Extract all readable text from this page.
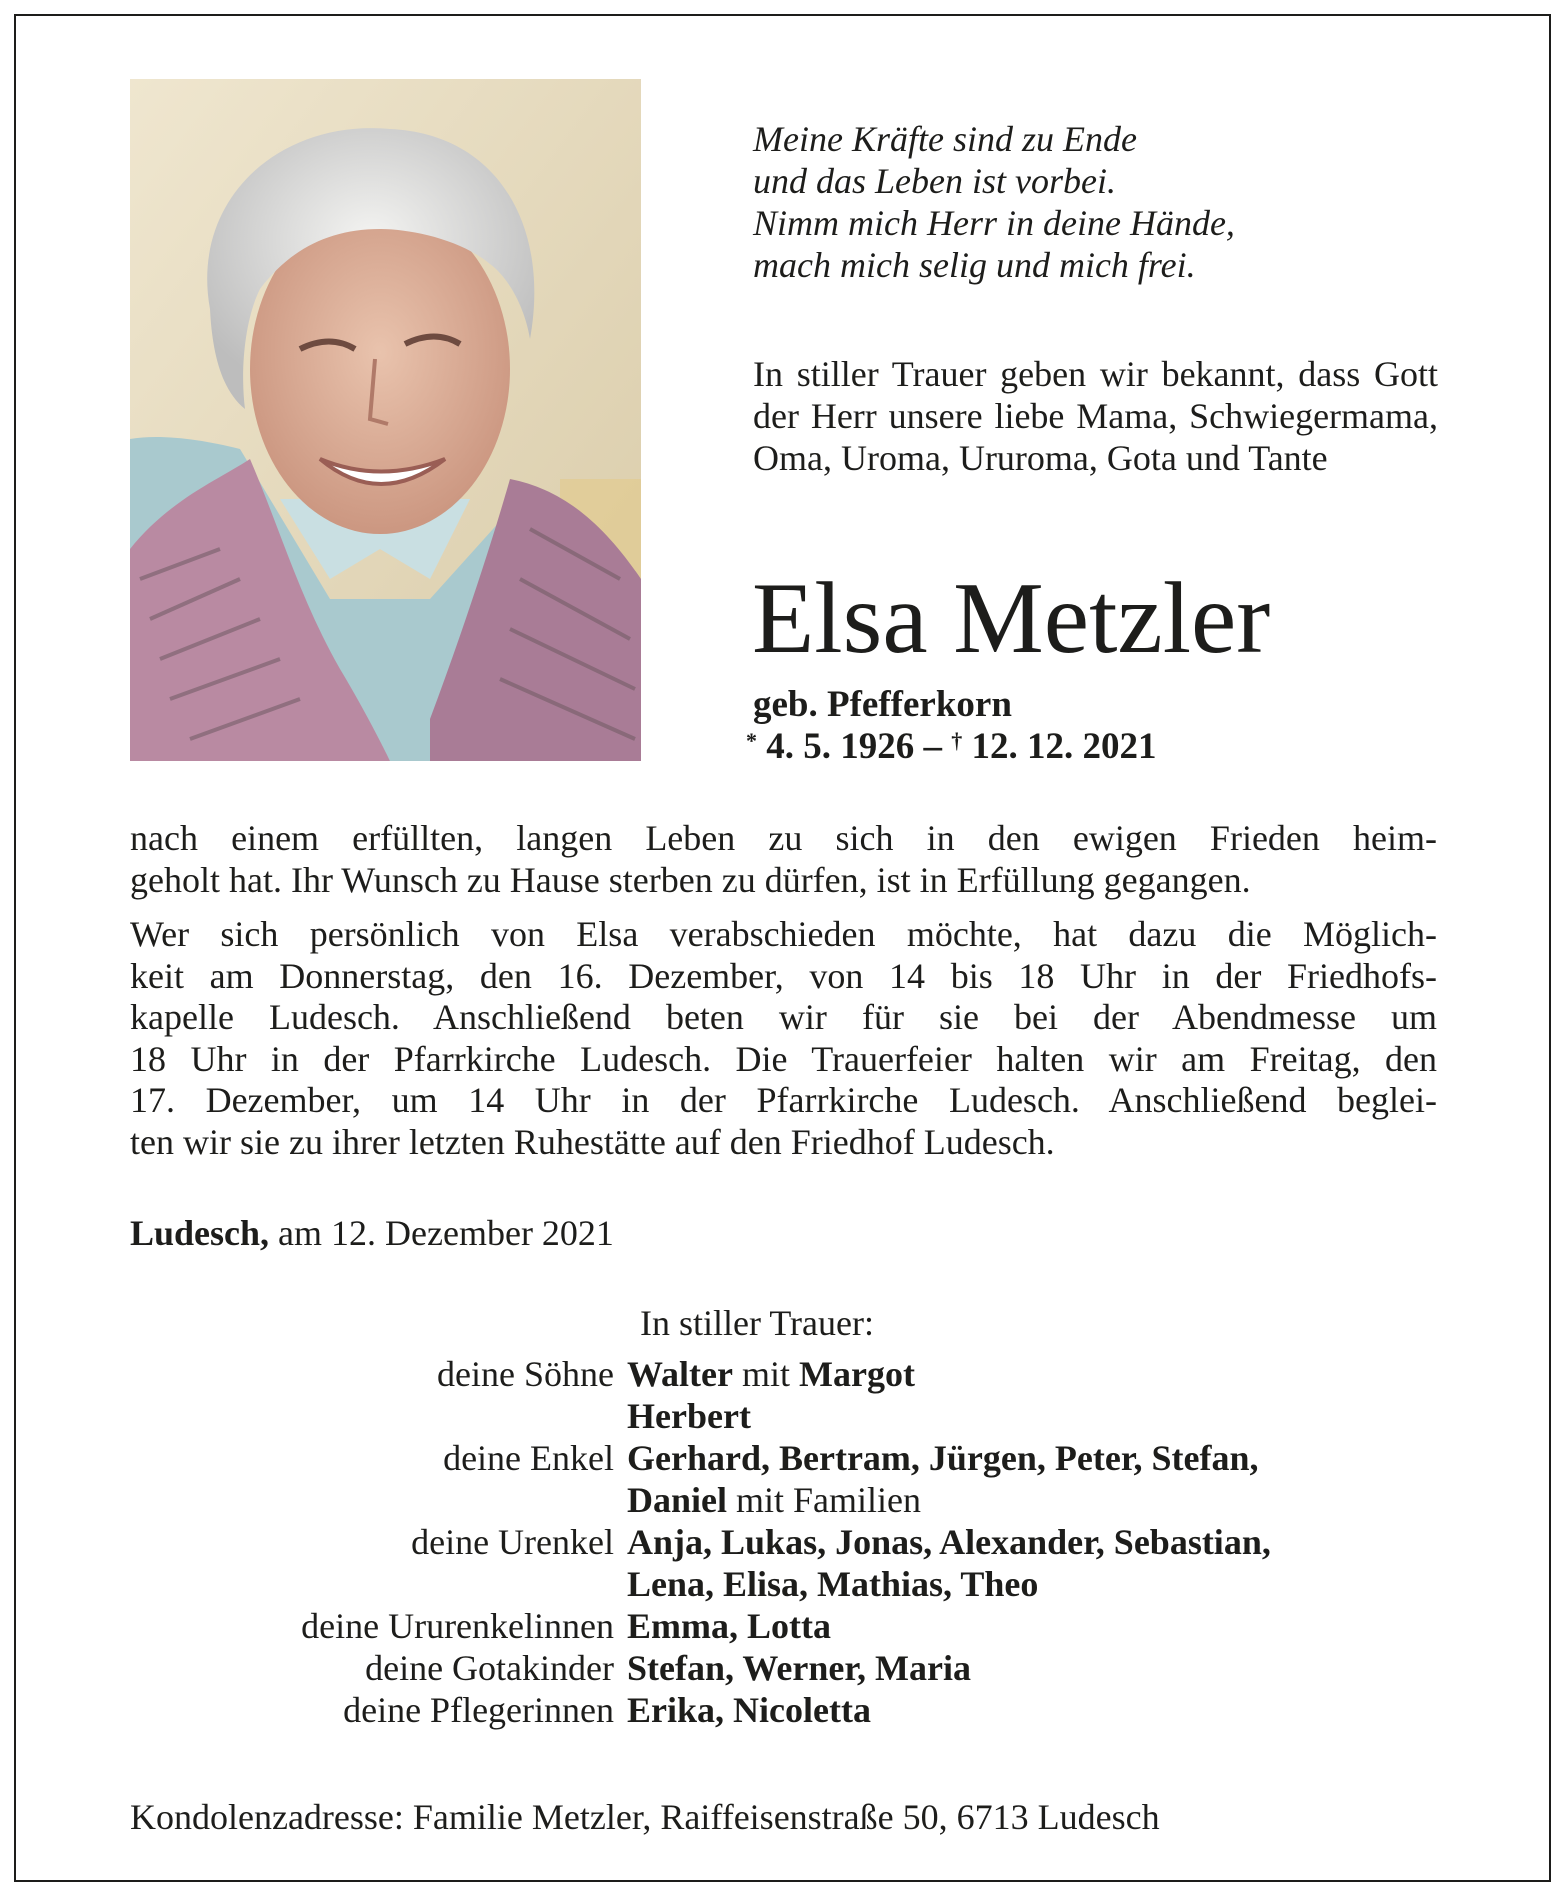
Meine Kräfte sind zu Ende
und das Leben ist vorbei.
Nimm mich Herr in deine Hände,
mach mich selig und mich frei.
In stiller Trauer geben wir bekannt, dass Gott der Herr unsere liebe Mama, Schwiegermama, Oma, Uroma, Ururoma, Gota und Tante
Elsa Metzler
geb. Pfefferkorn
* 4. 5. 1926 – † 12. 12. 2021
nach einem erfüllten, langen Leben zu sich in den ewigen Frieden heim-
geholt hat. Ihr Wunsch zu Hause sterben zu dürfen, ist in Erfüllung gegangen.
Wer sich persönlich von Elsa verabschieden möchte, hat dazu die Möglich-
keit am Donnerstag, den 16. Dezember, von 14 bis 18 Uhr in der Friedhofs-
kapelle Ludesch. Anschließend beten wir für sie bei der Abendmesse um
18 Uhr in der Pfarrkirche Ludesch. Die Trauerfeier halten wir am Freitag, den
17. Dezember, um 14 Uhr in der Pfarrkirche Ludesch. Anschließend beglei-
ten wir sie zu ihrer letzten Ruhestätte auf den Friedhof Ludesch.
Ludesch, am 12. Dezember 2021
In stiller Trauer:
deine Söhne Walter mit Margot
Herbert
deine Enkel Gerhard, Bertram, Jürgen, Peter, Stefan,
Daniel mit Familien
deine Urenkel Anja, Lukas, Jonas, Alexander, Sebastian,
Lena, Elisa, Mathias, Theo
deine Ururenkelinnen Emma, Lotta
deine Gotakinder Stefan, Werner, Maria
deine Pflegerinnen Erika, Nicoletta
Kondolenzadresse: Familie Metzler, Raiffeisenstraße 50, 6713 Ludesch
